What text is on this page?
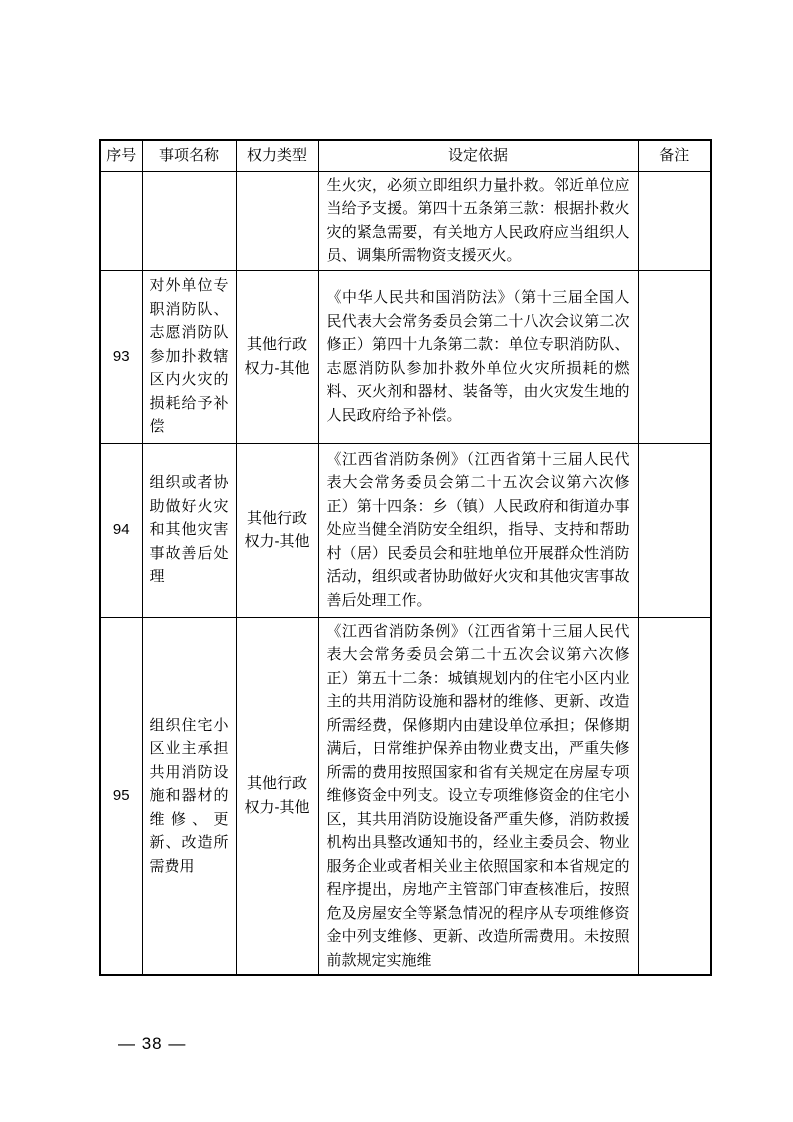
序号	事项名称	权力类型	设定依据	备注
			生火灾，必须立即组织力量扑救。邻近单位应当给予支援。第四十五条第三款：根据扑救火灾的紧急需要，有关地方人民政府应当组织人员、调集所需物资支援灭火。	
93	对外单位专职消防队、志愿消防队参加扑救辖区内火灾的损耗给予补偿	其他行政权力-其他	《中华人民共和国消防法》（第十三届全国人民代表大会常务委员会第二十八次会议第二次修正）第四十九条第二款：单位专职消防队、志愿消防队参加扑救外单位火灾所损耗的燃料、灭火剂和器材、装备等，由火灾发生地的人民政府给予补偿。	
94	组织或者协助做好火灾和其他灾害事故善后处理	其他行政权力-其他	《江西省消防条例》（江西省第十三届人民代表大会常务委员会第二十五次会议第六次修正）第十四条：乡（镇）人民政府和街道办事处应当健全消防安全组织，指导、支持和帮助村（居）民委员会和驻地单位开展群众性消防活动，组织或者协助做好火灾和其他灾害事故善后处理工作。	
95	组织住宅小区业主承担共用消防设施和器材的维修、更新、改造所需费用	其他行政权力-其他	《江西省消防条例》（江西省第十三届人民代表大会常务委员会第二十五次会议第六次修正）第五十二条：城镇规划内的住宅小区内业主的共用消防设施和器材的维修、更新、改造所需经费，保修期内由建设单位承担；保修期满后，日常维护保养由物业费支出，严重失修所需的费用按照国家和省有关规定在房屋专项维修资金中列支。设立专项维修资金的住宅小区，其共用消防设施设备严重失修，消防救援机构出具整改通知书的，经业主委员会、物业服务企业或者相关业主依照国家和本省规定的程序提出，房地产主管部门审查核准后，按照危及房屋安全等紧急情况的程序从专项维修资金中列支维修、更新、改造所需费用。未按照前款规定实施维	
— 38 —
